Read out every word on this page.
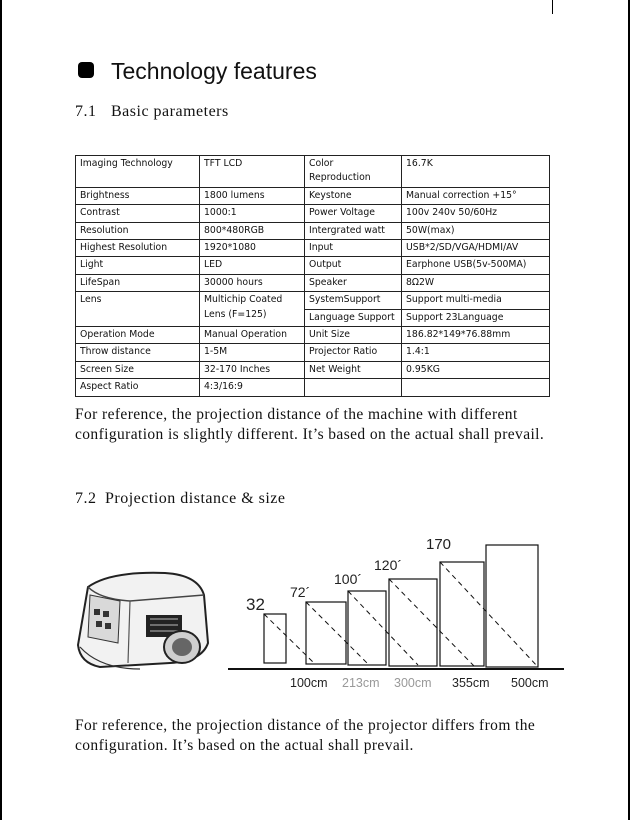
Technology features
7.1 Basic parameters
Imaging Technology	TFT LCD	Color Reproduction	16.7K
Brightness	1800 lumens	Keystone	Manual correction +15°
Contrast	1000:1	Power Voltage	100v 240v 50/60Hz
Resolution	800*480RGB	Intergrated watt	50W(max)
Highest Resolution	1920*1080	Input	USB*2/SD/VGA/HDMI/AV
Light	LED	Output	Earphone USB(5v-500MA)
LifeSpan	30000 hours	Speaker	8Ω2W
Lens	Multichip Coated Lens (F=125)	SystemSupport	Support multi-media
		Language Support	Support 23Language
Operation Mode	Manual Operation	Unit Size	186.82*149*76.88mm
Throw distance	1-5M	Projector Ratio	1.4:1
Screen Size	32-170 Inches	Net Weight	0.95KG
Aspect Ratio	4:3/16:9		
For reference, the projection distance of the machine with different configuration is slightly different. It’s based on the actual shall prevail.
7.2 Projection distance & size
32
72´
100´
120´
170
100cm 213cm 300cm 355cm 500cm
For reference, the projection distance of the projector differs from the configuration. It’s based on the actual shall prevail.
